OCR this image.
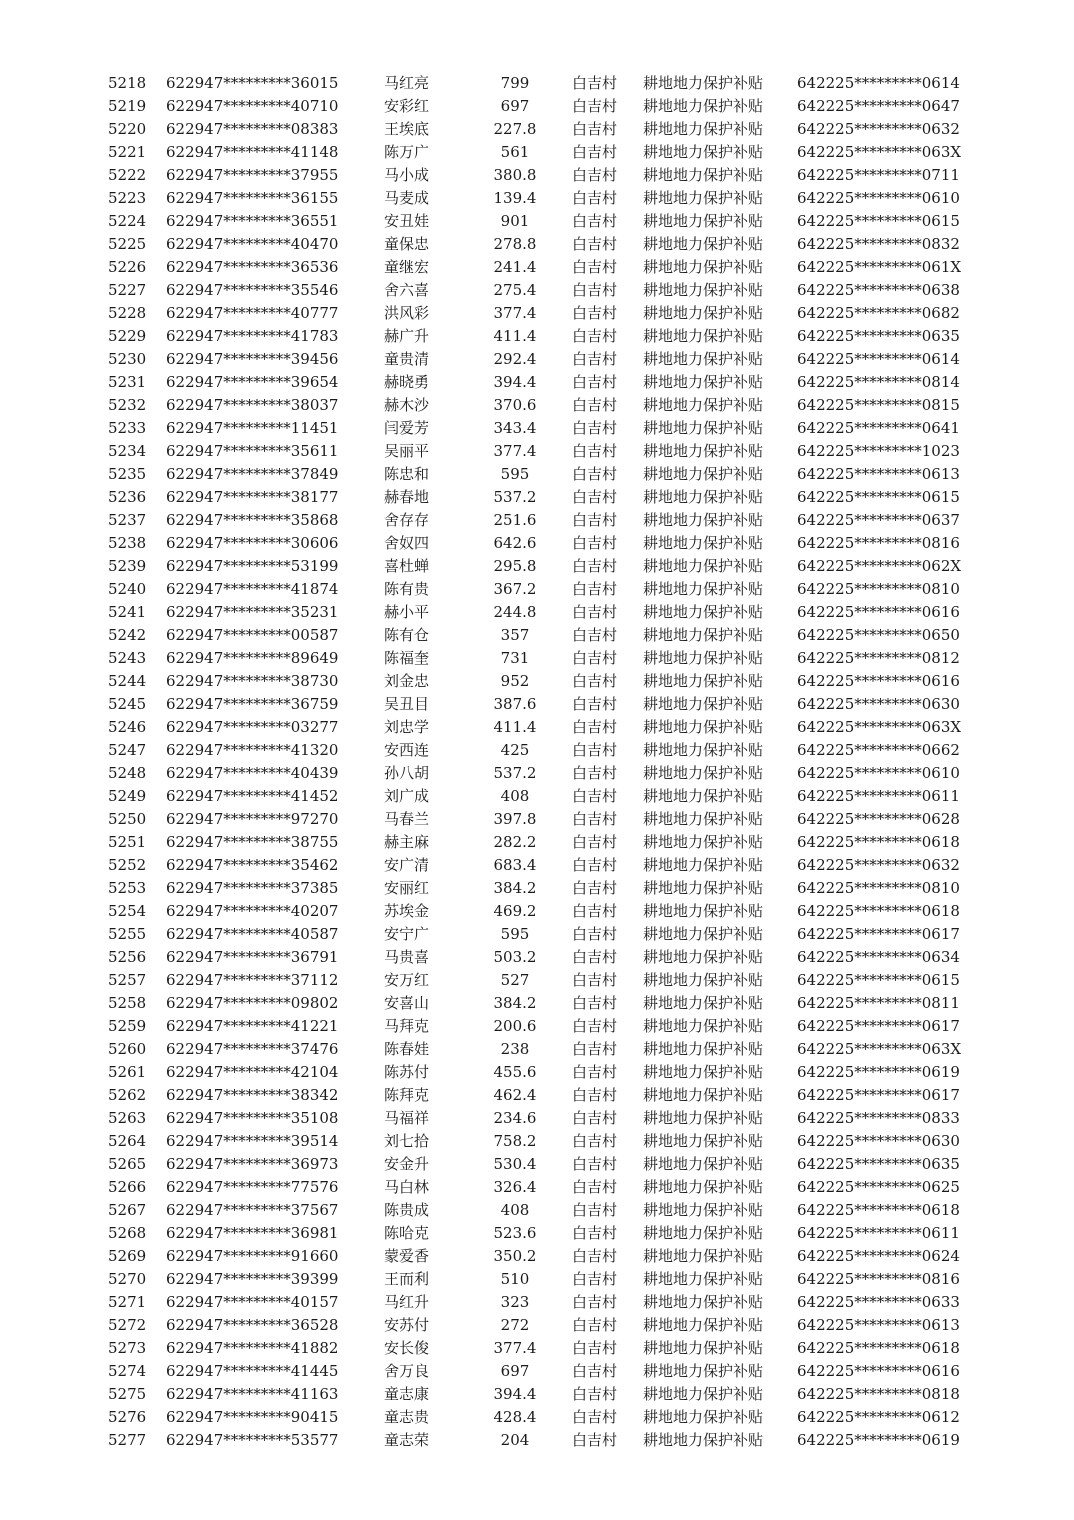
5218 622947*********36015	马红亮	799	白吉村 耕地地力保护补贴 642225*********0614
5219 622947*********40710	安彩红	697	白吉村 耕地地力保护补贴 642225*********0647
5220 622947*********08383	王埃底	227.8	白吉村 耕地地力保护补贴 642225*********0632
5221 622947*********41148	陈万广	561	白吉村 耕地地力保护补贴 642225*********063X
5222 622947*********37955	马小成	380.8	白吉村 耕地地力保护补贴 642225*********0711
5223 622947*********36155	马麦成	139.4	白吉村 耕地地力保护补贴 642225*********0610
5224 622947*********36551	安丑娃	901	白吉村 耕地地力保护补贴 642225*********0615
5225 622947*********40470	童保忠	278.8	白吉村 耕地地力保护补贴 642225*********0832
5226 622947*********36536	童继宏	241.4	白吉村 耕地地力保护补贴 642225*********061X
5227 622947*********35546	舍六喜	275.4	白吉村 耕地地力保护补贴 642225*********0638
5228 622947*********40777	洪风彩	377.4	白吉村 耕地地力保护补贴 642225*********0682
5229 622947*********41783	赫广升	411.4	白吉村 耕地地力保护补贴 642225*********0635
5230 622947*********39456	童贵清	292.4	白吉村 耕地地力保护补贴 642225*********0614
5231 622947*********39654	赫晓勇	394.4	白吉村 耕地地力保护补贴 642225*********0814
5232 622947*********38037	赫木沙	370.6	白吉村 耕地地力保护补贴 642225*********0815
5233 622947*********11451	闫爱芳	343.4	白吉村 耕地地力保护补贴 642225*********0641
5234 622947*********35611	吴丽平	377.4	白吉村 耕地地力保护补贴 642225*********1023
5235 622947*********37849	陈忠和	595	白吉村 耕地地力保护补贴 642225*********0613
5236 622947*********38177	赫春地	537.2	白吉村 耕地地力保护补贴 642225*********0615
5237 622947*********35868	舍存存	251.6	白吉村 耕地地力保护补贴 642225*********0637
5238 622947*********30606	舍奴四	642.6	白吉村 耕地地力保护补贴 642225*********0816
5239 622947*********53199	喜杜蝉	295.8	白吉村 耕地地力保护补贴 642225*********062X
5240 622947*********41874	陈有贵	367.2	白吉村 耕地地力保护补贴 642225*********0810
5241 622947*********35231	赫小平	244.8	白吉村 耕地地力保护补贴 642225*********0616
5242 622947*********00587	陈有仓	357	白吉村 耕地地力保护补贴 642225*********0650
5243 622947*********89649	陈福奎	731	白吉村 耕地地力保护补贴 642225*********0812
5244 622947*********38730	刘金忠	952	白吉村 耕地地力保护补贴 642225*********0616
5245 622947*********36759	吴丑目	387.6	白吉村 耕地地力保护补贴 642225*********0630
5246 622947*********03277	刘忠学	411.4	白吉村 耕地地力保护补贴 642225*********063X
5247 622947*********41320	安西连	425	白吉村 耕地地力保护补贴 642225*********0662
5248 622947*********40439	孙八胡	537.2	白吉村 耕地地力保护补贴 642225*********0610
5249 622947*********41452	刘广成	408	白吉村 耕地地力保护补贴 642225*********0611
5250 622947*********97270	马春兰	397.8	白吉村 耕地地力保护补贴 642225*********0628
5251 622947*********38755	赫主麻	282.2	白吉村 耕地地力保护补贴 642225*********0618
5252 622947*********35462	安广清	683.4	白吉村 耕地地力保护补贴 642225*********0632
5253 622947*********37385	安丽红	384.2	白吉村 耕地地力保护补贴 642225*********0810
5254 622947*********40207	苏埃金	469.2	白吉村 耕地地力保护补贴 642225*********0618
5255 622947*********40587	安宁广	595	白吉村 耕地地力保护补贴 642225*********0617
5256 622947*********36791	马贵喜	503.2	白吉村 耕地地力保护补贴 642225*********0634
5257 622947*********37112	安万红	527	白吉村 耕地地力保护补贴 642225*********0615
5258 622947*********09802	安喜山	384.2	白吉村 耕地地力保护补贴 642225*********0811
5259 622947*********41221	马拜克	200.6	白吉村 耕地地力保护补贴 642225*********0617
5260 622947*********37476	陈春娃	238	白吉村 耕地地力保护补贴 642225*********063X
5261 622947*********42104	陈苏付	455.6	白吉村 耕地地力保护补贴 642225*********0619
5262 622947*********38342	陈拜克	462.4	白吉村 耕地地力保护补贴 642225*********0617
5263 622947*********35108	马福祥	234.6	白吉村 耕地地力保护补贴 642225*********0833
5264 622947*********39514	刘七拾	758.2	白吉村 耕地地力保护补贴 642225*********0630
5265 622947*********36973	安金升	530.4	白吉村 耕地地力保护补贴 642225*********0635
5266 622947*********77576	马白林	326.4	白吉村 耕地地力保护补贴 642225*********0625
5267 622947*********37567	陈贵成	408	白吉村 耕地地力保护补贴 642225*********0618
5268 622947*********36981	陈哈克	523.6	白吉村 耕地地力保护补贴 642225*********0611
5269 622947*********91660	蒙爱香	350.2	白吉村 耕地地力保护补贴 642225*********0624
5270 622947*********39399	王而利	510	白吉村 耕地地力保护补贴 642225*********0816
5271 622947*********40157	马红升	323	白吉村 耕地地力保护补贴 642225*********0633
5272 622947*********36528	安苏付	272	白吉村 耕地地力保护补贴 642225*********0613
5273 622947*********41882	安长俊	377.4	白吉村 耕地地力保护补贴 642225*********0618
5274 622947*********41445	舍万良	697	白吉村 耕地地力保护补贴 642225*********0616
5275 622947*********41163	童志康	394.4	白吉村 耕地地力保护补贴 642225*********0818
5276 622947*********90415	童志贵	428.4	白吉村 耕地地力保护补贴 642225*********0612
5277 622947*********53577	童志荣	204	白吉村 耕地地力保护补贴 642225*********0619
